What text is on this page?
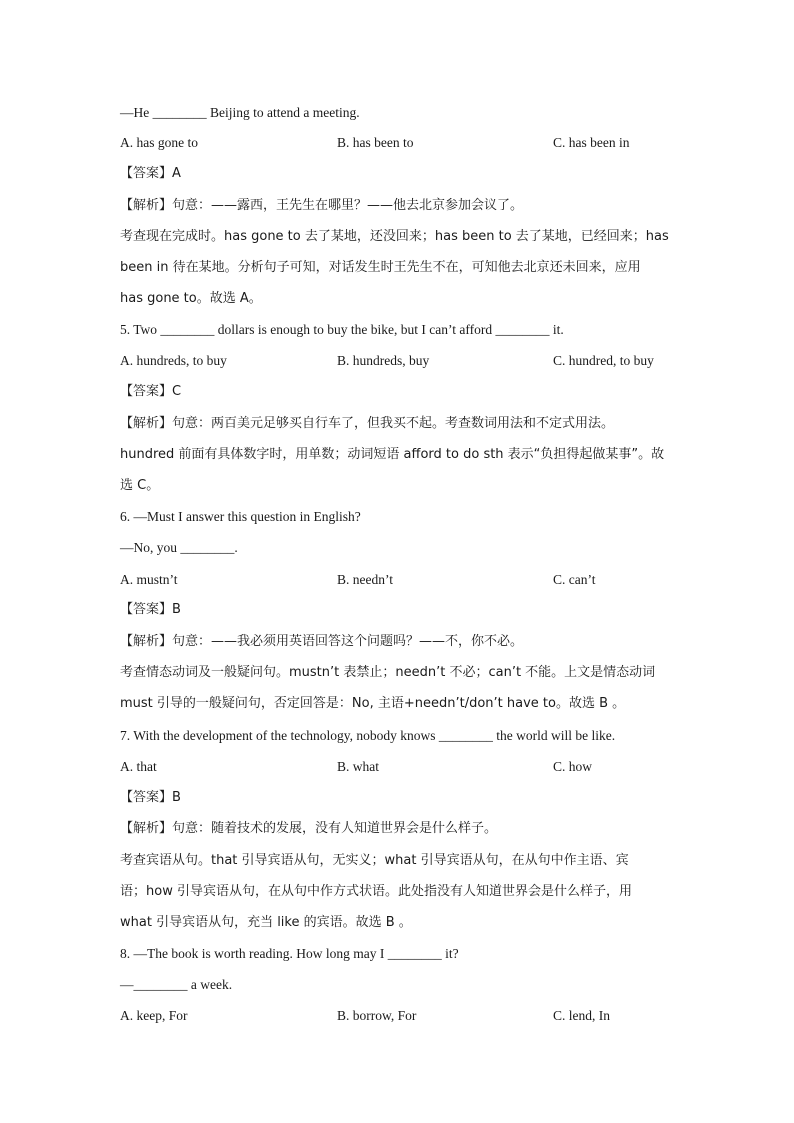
—He ________ Beijing to attend a meeting.
A. has gone to	B. has been to	C. has been in
【答案】A
【解析】句意：——露西，王先生在哪里？——他去北京参加会议了。
考查现在完成时。has gone to 去了某地，还没回来；has been to 去了某地，已经回来；has
been in 待在某地。分析句子可知，对话发生时王先生不在，可知他去北京还未回来，应用
has gone to。故选 A。
5. Two ________ dollars is enough to buy the bike, but I can’t afford ________ it.
A. hundreds, to buy	B. hundreds, buy	C. hundred, to buy
【答案】C
【解析】句意：两百美元足够买自行车了，但我买不起。考查数词用法和不定式用法。
hundred 前面有具体数字时，用单数；动词短语 afford to do sth 表示“负担得起做某事”。故
选 C。
6. —Must I answer this question in English?
—No, you ________.
A. mustn’t	B. needn’t	C. can’t
【答案】B
【解析】句意：——我必须用英语回答这个问题吗？——不，你不必。
考查情态动词及一般疑问句。mustn’t 表禁止；needn’t 不必；can’t 不能。上文是情态动词
must 引导的一般疑问句，否定回答是：No, 主语+needn’t/don’t have to。故选 B 。
7. With the development of the technology, nobody knows ________ the world will be like.
A. that	B. what	C. how
【答案】B
【解析】句意：随着技术的发展，没有人知道世界会是什么样子。
考查宾语从句。that 引导宾语从句，无实义；what 引导宾语从句，在从句中作主语、宾
语；how 引导宾语从句，在从句中作方式状语。此处指没有人知道世界会是什么样子，用
what 引导宾语从句，充当 like 的宾语。故选 B 。
8. —The book is worth reading. How long may I ________ it?
—________ a week.
A. keep, For	B. borrow, For	C. lend, In
